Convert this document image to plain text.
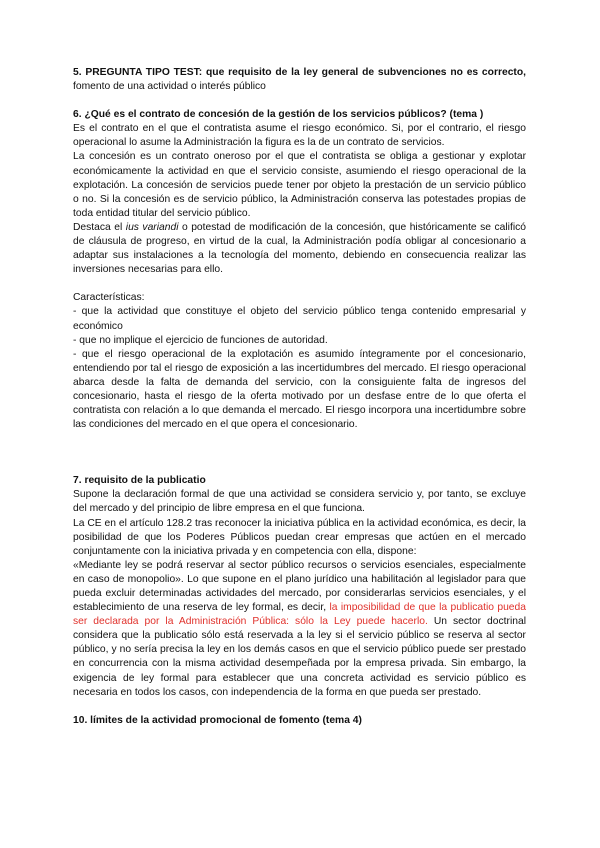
5. PREGUNTA TIPO TEST: que requisito de la ley general de subvenciones no es correcto, fomento de una actividad o interés público

6. ¿Qué es el contrato de concesión de la gestión de los servicios públicos? (tema )

Es el contrato en el que el contratista asume el riesgo económico. Si, por el contrario, el riesgo operacional lo asume la Administración la figura es la de un contrato de servicios.

La concesión es un contrato oneroso por el que el contratista se obliga a gestionar y explotar económicamente la actividad en que el servicio consiste, asumiendo el riesgo operacional de la explotación. La concesión de servicios puede tener por objeto la prestación de un servicio público o no. Si la concesión es de servicio público, la Administración conserva las potestades propias de toda entidad titular del servicio público.

Destaca el ius variandi o potestad de modificación de la concesión, que históricamente se calificó de cláusula de progreso, en virtud de la cual, la Administración podía obligar al concesionario a adaptar sus instalaciones a la tecnología del momento, debiendo en consecuencia realizar las inversiones necesarias para ello.

Características:

- que la actividad que constituye el objeto del servicio público tenga contenido empresarial y económico

- que no implique el ejercicio de funciones de autoridad.

- que el riesgo operacional de la explotación es asumido íntegramente por el concesionario, entendiendo por tal el riesgo de exposición a las incertidumbres del mercado. El riesgo operacional abarca desde la falta de demanda del servicio, con la consiguiente falta de ingresos del concesionario, hasta el riesgo de la oferta motivado por un desfase entre de lo que oferta el contratista con relación a lo que demanda el mercado. El riesgo incorpora una incertidumbre sobre las condiciones del mercado en el que opera el concesionario.

7. requisito de la publicatio

Supone la declaración formal de que una actividad se considera servicio y, por tanto, se excluye del mercado y del principio de libre empresa en el que funciona.

La CE en el artículo 128.2 tras reconocer la iniciativa pública en la actividad económica, es decir, la posibilidad de que los Poderes Públicos puedan crear empresas que actúen en el mercado conjuntamente con la iniciativa privada y en competencia con ella, dispone:

«Mediante ley se podrá reservar al sector público recursos o servicios esenciales, especialmente en caso de monopolio». Lo que supone en el plano jurídico una habilitación al legislador para que pueda excluir determinadas actividades del mercado, por considerarlas servicios esenciales, y el establecimiento de una reserva de ley formal, es decir, la imposibilidad de que la publicatio pueda ser declarada por la Administración Pública: sólo la Ley puede hacerlo. Un sector doctrinal considera que la publicatio sólo está reservada a la ley si el servicio público se reserva al sector público, y no sería precisa la ley en los demás casos en que el servicio público puede ser prestado en concurrencia con la misma actividad desempeñada por la empresa privada. Sin embargo, la exigencia de ley formal para establecer que una concreta actividad es servicio público es necesaria en todos los casos, con independencia de la forma en que pueda ser prestado.

10. límites de la actividad promocional de fomento (tema 4)
